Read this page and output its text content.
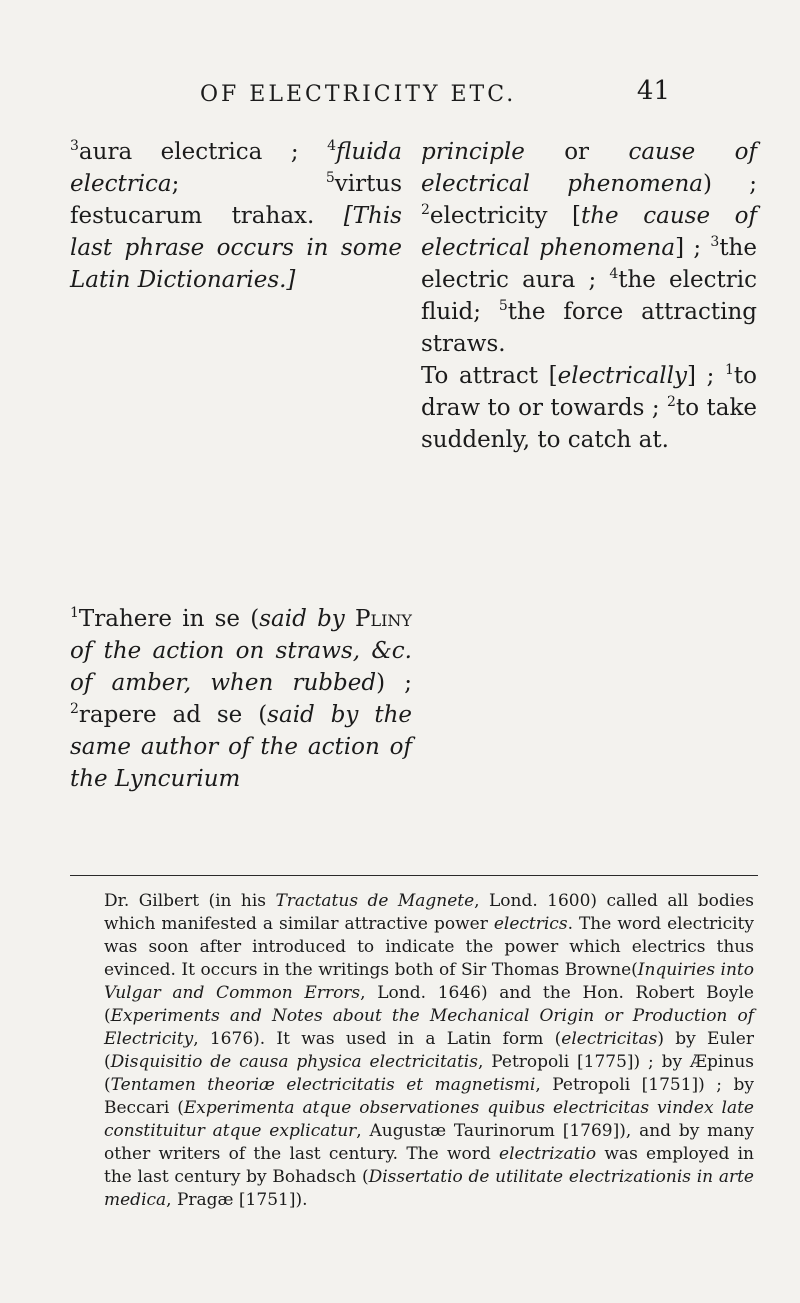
OF ELECTRICITY ETC.	41

$^3$aura electrica ; $^4$fluida electrica; $^5$virtus festucarum trahax. [This last phrase occurs in some Latin Dictionaries.]

principle or cause of electrical phenomena) ; $^2$electricity [the cause of electrical phenomena] ; $^3$the electric aura ; $^4$the electric fluid; $^5$the force attracting straws.

To attract [electrically] ; $^1$to draw to or towards ; $^2$to take suddenly, to catch at.

$^1$Trahere in se (said by Pliny of the action on straws, &c. of amber, when rubbed) ; $^2$rapere ad se (said by the same author of the action of the Lyncurium

Dr. Gilbert (in his Tractatus de Magnete, Lond. 1600) called all bodies which manifested a similar attractive power electrics. The word electricity was soon after introduced to indicate the power which electrics thus evinced. It occurs in the writings both of Sir Thomas Browne(Inquiries into Vulgar and Common Errors, Lond. 1646) and the Hon. Robert Boyle (Experiments and Notes about the Mechanical Origin or Production of Electricity, 1676). It was used in a Latin form (electricitas) by Euler (Disquisitio de causa physica electricitatis, Petropoli [1775]) ; by Æpinus (Tentamen theoriæ electricitatis et magnetismi, Petropoli [1751]) ; by Beccari (Experimenta atque observationes quibus electricitas vindex late constituitur atque explicatur, Augustæ Taurinorum [1769]), and by many other writers of the last century. The word electrizatio was employed in the last century by Bohadsch (Dissertatio de utilitate electrizationis in arte medica, Pragæ [1751]).
